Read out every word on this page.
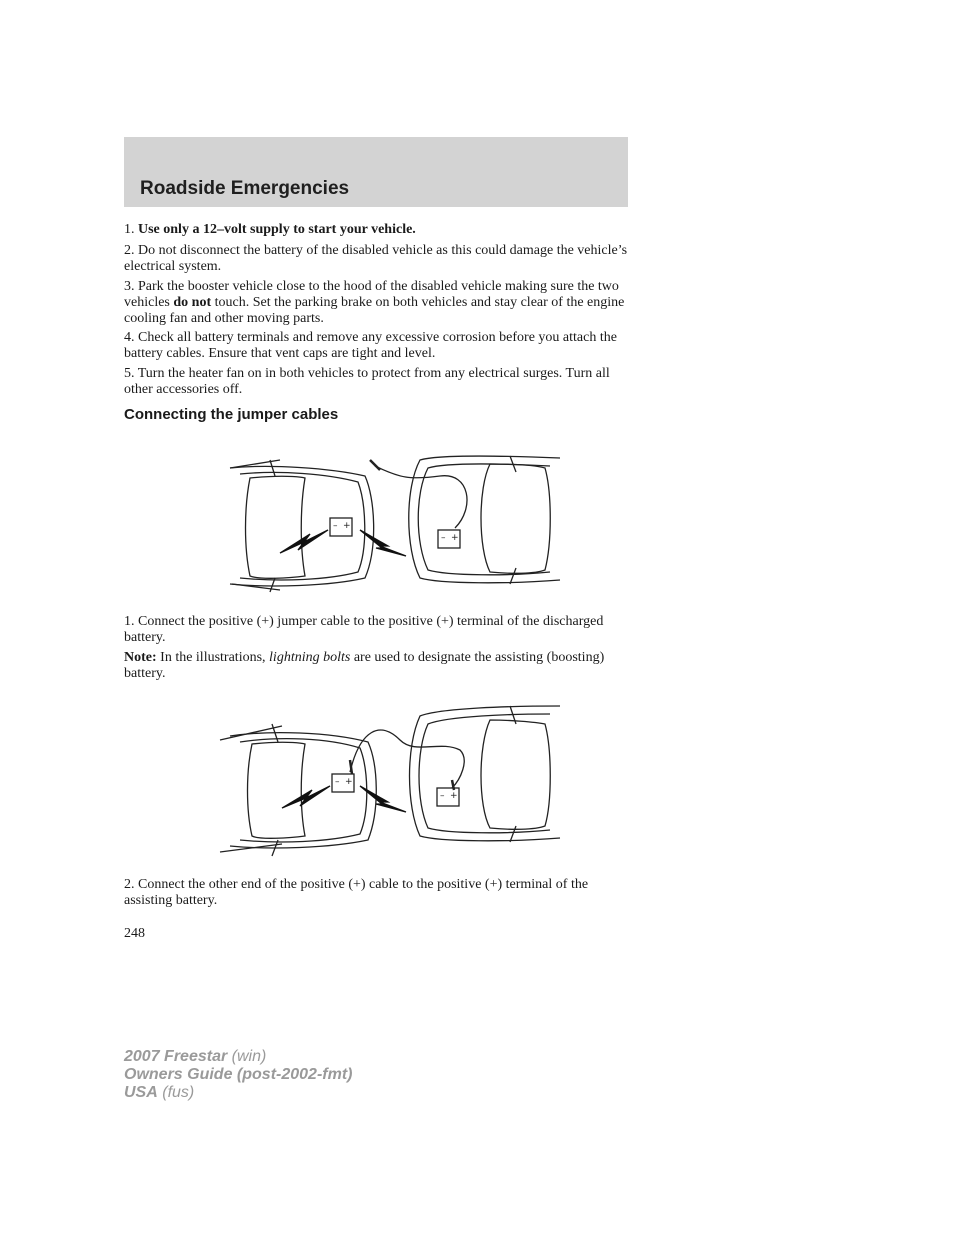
Roadside Emergencies

1. Use only a 12–volt supply to start your vehicle.

2. Do not disconnect the battery of the disabled vehicle as this could damage the vehicle’s electrical system.

3. Park the booster vehicle close to the hood of the disabled vehicle making sure the two vehicles do not touch. Set the parking brake on both vehicles and stay clear of the engine cooling fan and other moving parts.

4. Check all battery terminals and remove any excessive corrosion before you attach the battery cables. Ensure that vent caps are tight and level.

5. Turn the heater fan on in both vehicles to protect from any electrical surges. Turn all other accessories off.

Connecting the jumper cables
– +
– +

1. Connect the positive (+) jumper cable to the positive (+) terminal of the discharged battery.

Note: In the illustrations, lightning bolts are used to designate the assisting (boosting) battery.

– +
– +

2. Connect the other end of the positive (+) cable to the positive (+) terminal of the assisting battery.

248
2007 Freestar (win)
Owners Guide (post-2002-fmt)
USA (fus)
